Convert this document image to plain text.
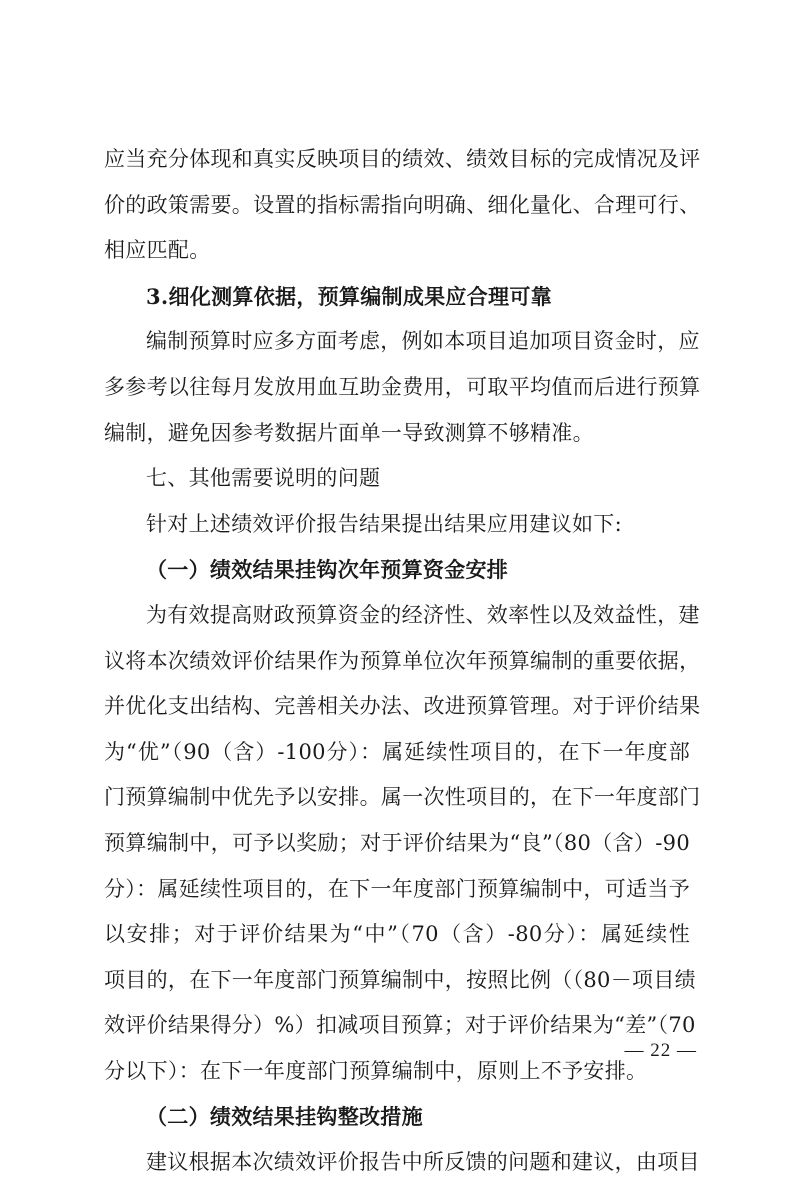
应当充分体现和真实反映项目的绩效、绩效目标的完成情况及评
价的政策需要。设置的指标需指向明确、细化量化、合理可行、
相应匹配。
3.细化测算依据，预算编制成果应合理可靠
编制预算时应多方面考虑，例如本项目追加项目资金时，应
多参考以往每月发放用血互助金费用，可取平均值而后进行预算
编制，避免因参考数据片面单一导致测算不够精准。
七、其他需要说明的问题
针对上述绩效评价报告结果提出结果应用建议如下:
（一）绩效结果挂钩次年预算资金安排
为有效提高财政预算资金的经济性、效率性以及效益性，建
议将本次绩效评价结果作为预算单位次年预算编制的重要依据，
并优化支出结构、完善相关办法、改进预算管理。对于评价结果
为“优”（90（含）-100分）：属延续性项目的，在下一年度部
门预算编制中优先予以安排。属一次性项目的，在下一年度部门
预算编制中，可予以奖励；对于评价结果为“良”（80（含）-90
分）：属延续性项目的，在下一年度部门预算编制中，可适当予
以安排；对于评价结果为“中”（70（含）-80分）：属延续性
项目的，在下一年度部门预算编制中，按照比例（（80－项目绩
效评价结果得分）%）扣减项目预算；对于评价结果为“差”（70
分以下）：在下一年度部门预算编制中，原则上不予安排。
（二）绩效结果挂钩整改措施
建议根据本次绩效评价报告中所反馈的问题和建议，由项目
— 22 —
